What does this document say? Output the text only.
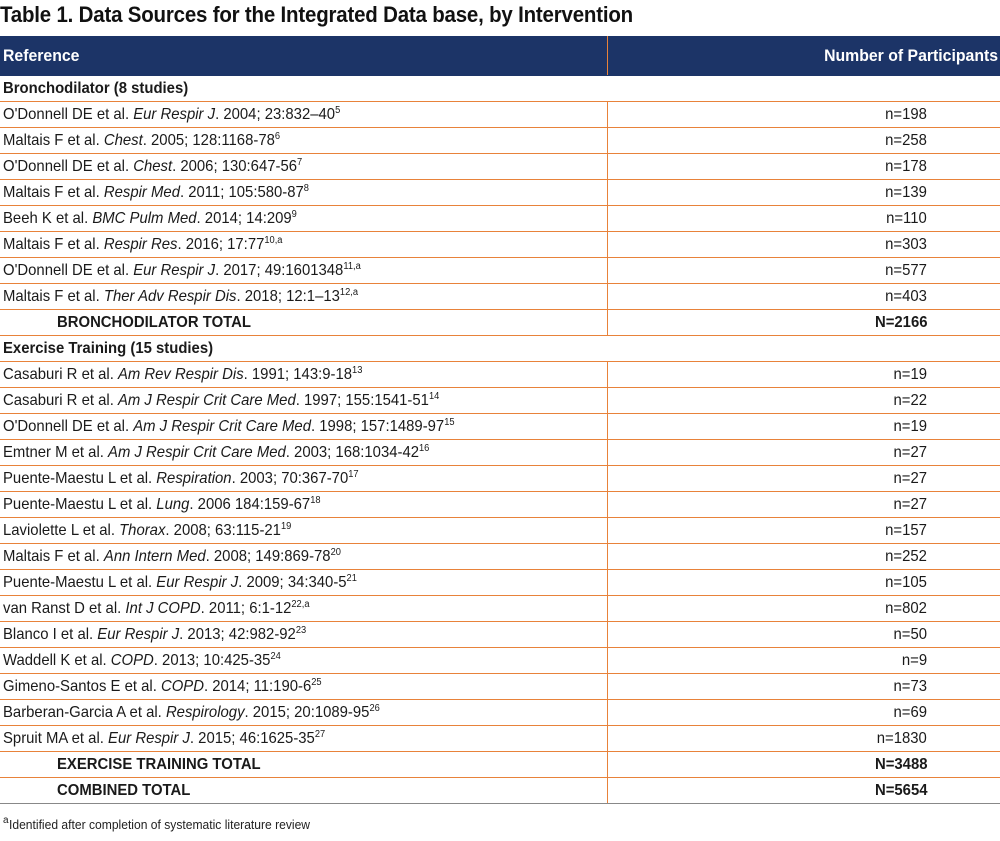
Table 1. Data Sources for the Integrated Data base, by Intervention
Reference	Number of Participants
Bronchodilator (8 studies)
O'Donnell DE et al. Eur Respir J. 2004; $23:832-40^5$	n=198
Maltais F et al. Chest. 2005; $128:1168-78^6$	n=258
O'Donnell DE et al. Chest. 2006; $130:647-56^7$	n=178
Maltais F et al. Respir Med. 2011; $105:580-87^8$	n=139
Beeh K et al. BMC Pulm Med. 2014; $14:209^9$	n=110
Maltais F et al. Respir Res. 2016; 17:77$^{10,a}$	n=303
O'Donnell DE et al. Eur Respir J. 2017; 49:1601348$^{11,a}$	n=577
Maltais F et al. Ther Adv Respir Dis. 2018; 12:1–13$^{12,a}$	n=403
BRONCHODILATOR TOTAL	N=2166
Exercise Training (15 studies)
Casaburi R et al. Am Rev Respir Dis. 1991; $143:9-18^{13}$	n=19
Casaburi R et al. Am J Respir Crit Care Med. 1997; $155:1541-51^{14}$	n=22
O'Donnell DE et al. Am J Respir Crit Care Med. 1998; $157:1489-97^{15}$	n=19
Emtner M et al. Am J Respir Crit Care Med. 2003; $168:1034-42^{16}$	n=27
Puente-Maestu L et al. Respiration. 2003; $70:367-70^{17}$	n=27
Puente-Maestu L et al. Lung. 2006 $184:159-67^{18}$	n=27
Laviolette L et al. Thorax. 2008; $63:115-21^{19}$	n=157
Maltais F et al. Ann Intern Med. 2008; $149:869-78^{20}$	n=252
Puente-Maestu L et al. Eur Respir J. 2009; $34:340-5^{21}$	n=105
van Ranst D et al. Int J COPD. 2011; 6:1-12$^{22,a}$	n=802
Blanco I et al. Eur Respir J. 2013; $42:982-92^{23}$	n=50
Waddell K et al. COPD. 2013; $10:425-35^{24}$	n=9
Gimeno-Santos E et al. COPD. 2014; $11:190-6^{25}$	n=73
Barberan-Garcia A et al. Respirology. 2015; $20:1089-95^{26}$	n=69
Spruit MA et al. Eur Respir J. 2015; $46:1625-35^{27}$	n=1830
EXERCISE TRAINING TOTAL	N=3488
COMBINED TOTAL	N=5654
$^a$Identified after completion of systematic literature review
